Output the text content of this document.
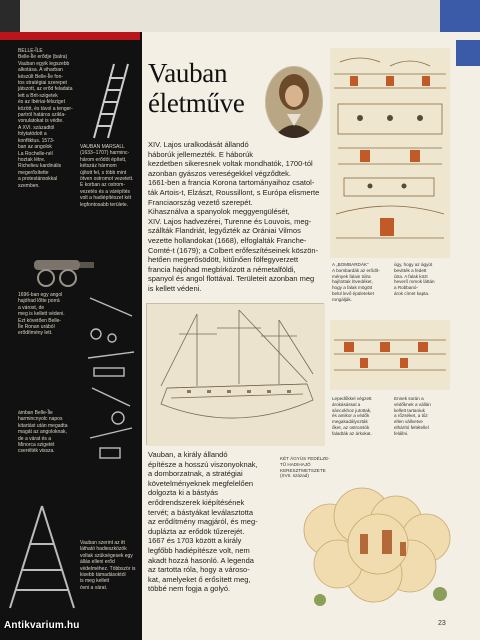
BELLE-ÎLE
Belle-Île erődje (balra)
Vauban egyik legszebb
alkotása. A viharban
készült Belle-Île fon-
tos stratégiai szerepet
játszott, az erőd feladata
lett a Brit-szigetek
és az Ibériai-félsziget
között, és távol a tenger-
partról határos szikla-
vonulatokat is védte.
A XVI. századtól
folytatódott a
konfliktus. 1573-
ban az angolok
La Rochelle-nél
hoztak létre.
Richelieu kardinális
megerősítette
a protestánsokkal
szemben.
VAUBAN MARSALL
(1633–1707) harminc-
három erődöt épített,
kétszáz hármom
újított fel, s több mint
ötven ostromot vezetett.
E korban az ostrom-
vezetés és a várépítés
volt a hadiépítészet két
legfontosabb területe.
1696-ban egy angol
hajóhad lőtte porrá
a várost, de
meg is kellett védeni.
Ezt követően Belle-
Île Ronan urából
erődítmény lett.
ámban Belle-Île
harmincnyolc napos
kitartást után megadta
magát az angoloknak,
de a várat és a
Minorca szigetét
cserélték vissza.
Vauban szerint az itt
látható hadieszközök
voltak szükségesek egy
állás elleni erőd
védelméhez. Többször is
kisebb támadásoktól
is meg kellett
óvni a várat.
Vauban
életműve
XIV. Lajos uralkodását állandó
háborúk jellemezték. E háborúk
kezdetben sikeresnek voltak mondhatók, 1700-tól
azonban gyászos vereségekkel végződtek.
1661-ben a francia Korona tartományaihoz csatol-
ták Artois-t, Elzászt, Roussillont, s Európa elismerte
Franciaország vezető szerepét.
Kihasználva a spanyolok meggyengülését,
XIV. Lajos hadvezérei, Turenne és Louvois, meg-
szállták Flandriát, legyőzték az Orániai Vilmos
vezette hollandokat (1668), elfoglalták Franche-
Comté-t (1679); a Colbert erőfeszítéseinek köszön-
hetően megerősödött, kitűnően fölfegyverzett
francia hajóhad megbírkózott a németalföldi,
spanyol és angol flottával. Területeit azonban meg
is kellett védeni.
KÉT ÁGYÚS FEDÉLZE-
TŰ HADIHAJÓ
KERESZTMETSZETE
(XVII. század)
Vauban, a király állandó
építésze a hosszú viszonyoknak,
a domborzatnak, a stratégiai
követelményeknek megfelelően
dolgozta ki a bástyás
erődrendszerek kiépítésének
tervét; a bástyákat leválasztotta
az erődítmény magjáról, és meg-
duplázta az erődök tűzerejét.
1667 és 1703 között a király
legfőbb hadiépítésze volt, nem
akadt hozzá hasonló. A legenda
az tartotta róla, hogy a városo-
kat, amelyeket ő erősített meg,
többé nem fogja a golyó.
A „BOMBARDÁK”
A bombardák az erődít-
mények falain túlra
hajítottak lövedéket,
hogy a falak mögött
belül levő épületeket
rongálják.
úgy, hogy az ágyút
bevitték a fedett
útra. A falak közt
heverő romok láttán
a Robbanó-
árok címet kapta.
Lepedőkkel végzett
árokásással a
sáncokhoz jutottak,
és amikor a védők
megakadályozták
őket, az ostromlók
faladták az árkokat.
Ennek során a
védőknek a vállán
kellett tartaniuk
a rőzséket, a tűz
ellen vállvetve
elhárító feltétellel
felállni.
23
Antikvarium.hu
